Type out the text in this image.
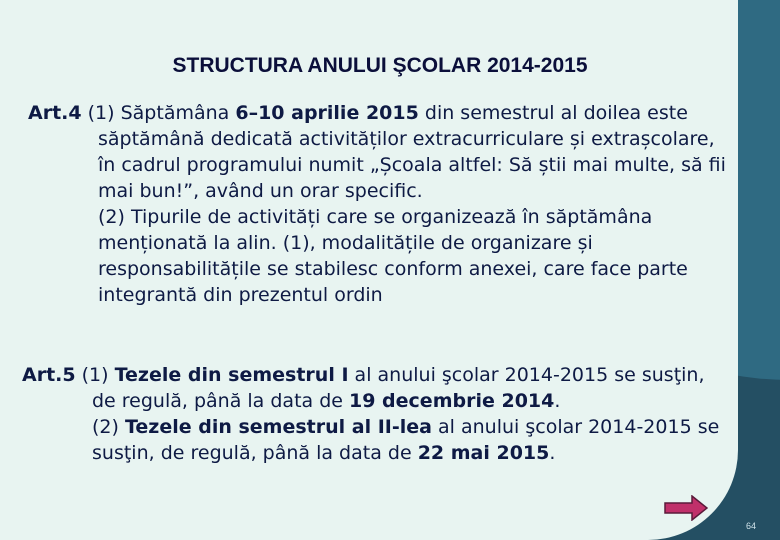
STRUCTURA ANULUI ŞCOLAR 2014-2015

Art.4 (1) Săptămâna 6–10 aprilie 2015 din semestrul al doilea este săptămână dedicată activităților extracurriculare și extrașcolare, în cadrul programului numit „Școala altfel: Să știi mai multe, să fii mai bun!”, având un orar specific.

(2) Tipurile de activități care se organizează în săptămâna menționată la alin. (1), modalitățile de organizare și responsabilitățile se stabilesc conform anexei, care face parte integrantă din prezentul ordin

Art.5 (1) Tezele din semestrul I al anului şcolar 2014-2015 se susţin, de regulă, până la data de 19 decembrie 2014.

(2) Tezele din semestrul al II-lea al anului şcolar 2014-2015 se susţin, de regulă, până la data de 22 mai 2015.

64
